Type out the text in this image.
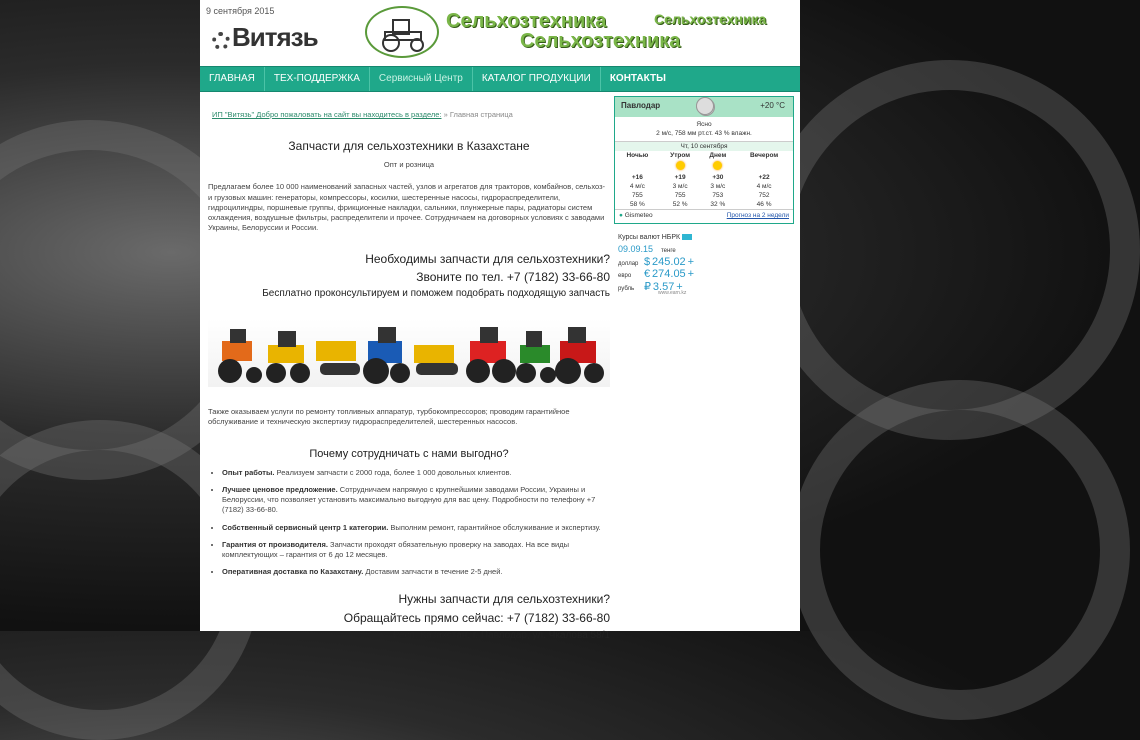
9 сентября 2015
Витязь
Сельхозтехника
Сельхозтехника
Сельхозтехника
ГЛАВНАЯ	ТЕХ-ПОДДЕРЖКА	Сервисный Центр	КАТАЛОГ ПРОДУКЦИИ	КОНТАКТЫ
ИП "Витязь" Добро пожаловать на сайт вы находитесь в разделе: » Главная страница
Запчасти для сельхозтехники в Казахстане
Опт и розница
Предлагаем более 10 000 наименований запасных частей, узлов и агрегатов для тракторов, комбайнов, сельхоз- и грузовых машин: генераторы, компрессоры, косилки, шестеренные насосы, гидрораспределители, гидроцилиндры, поршневые группы, фрикционные накладки, сальники, плунжерные пары, радиаторы систем охлаждения, воздушные фильтры, распределители и прочее. Сотрудничаем на договорных условиях с заводами Украины, Белоруссии и России.
Необходимы запчасти для сельхозтехники?
Звоните по тел. +7 (7182) 33-66-80
Бесплатно проконсультируем и поможем подобрать подходящую запчасть
Также оказываем услуги по ремонту топливных аппаратур, турбокомпрессоров; проводим гарантийное обслуживание и техническую экспертизу гидрораспределителей, шестеренных насосов.
Почему сотрудничать с нами выгодно?
• Опыт работы. Реализуем запчасти с 2000 года, более 1 000 довольных клиентов.
• Лучшее ценовое предложение. Сотрудничаем напрямую с крупнейшими заводами России, Украины и Белоруссии, что позволяет установить максимально выгодную для вас цену. Подробности по телефону +7 (7182) 33-66-80.
• Собственный сервисный центр 1 категории. Выполним ремонт, гарантийное обслуживание и экспертизу.
• Гарантия от производителя. Запчасти проходят обязательную проверку на заводах. На все виды комплектующих – гарантия от 6 до 12 месяцев.
• Оперативная доставка по Казахстану. Доставим запчасти в течение 2-5 дней.
Нужны запчасти для сельхозтехники?
Обращайтесь прямо сейчас: +7 (7182) 33-66-80
Респ. Казахстан, г. Павлодар, ул. Чкалова 58/1
Павлодар	+20 °C
Ясно
2 м/с, 758 мм рт.ст. 43 % влажн.
Чт, 10 сентября
Ночью	Утром	Днем	Вечером

+16	+19	+30	+22
4 м/с	3 м/с	3 м/с	4 м/с
755	755	753	752
58 %	52 %	32 %	46 %
● Gismeteo	Прогноз на 2 недели
Курсы валют НБРК
09.09.15 тенге
доллар $ 245.02 +
евро € 274.05 +
рубль ₽ 3.57 +
www.earn.kz
